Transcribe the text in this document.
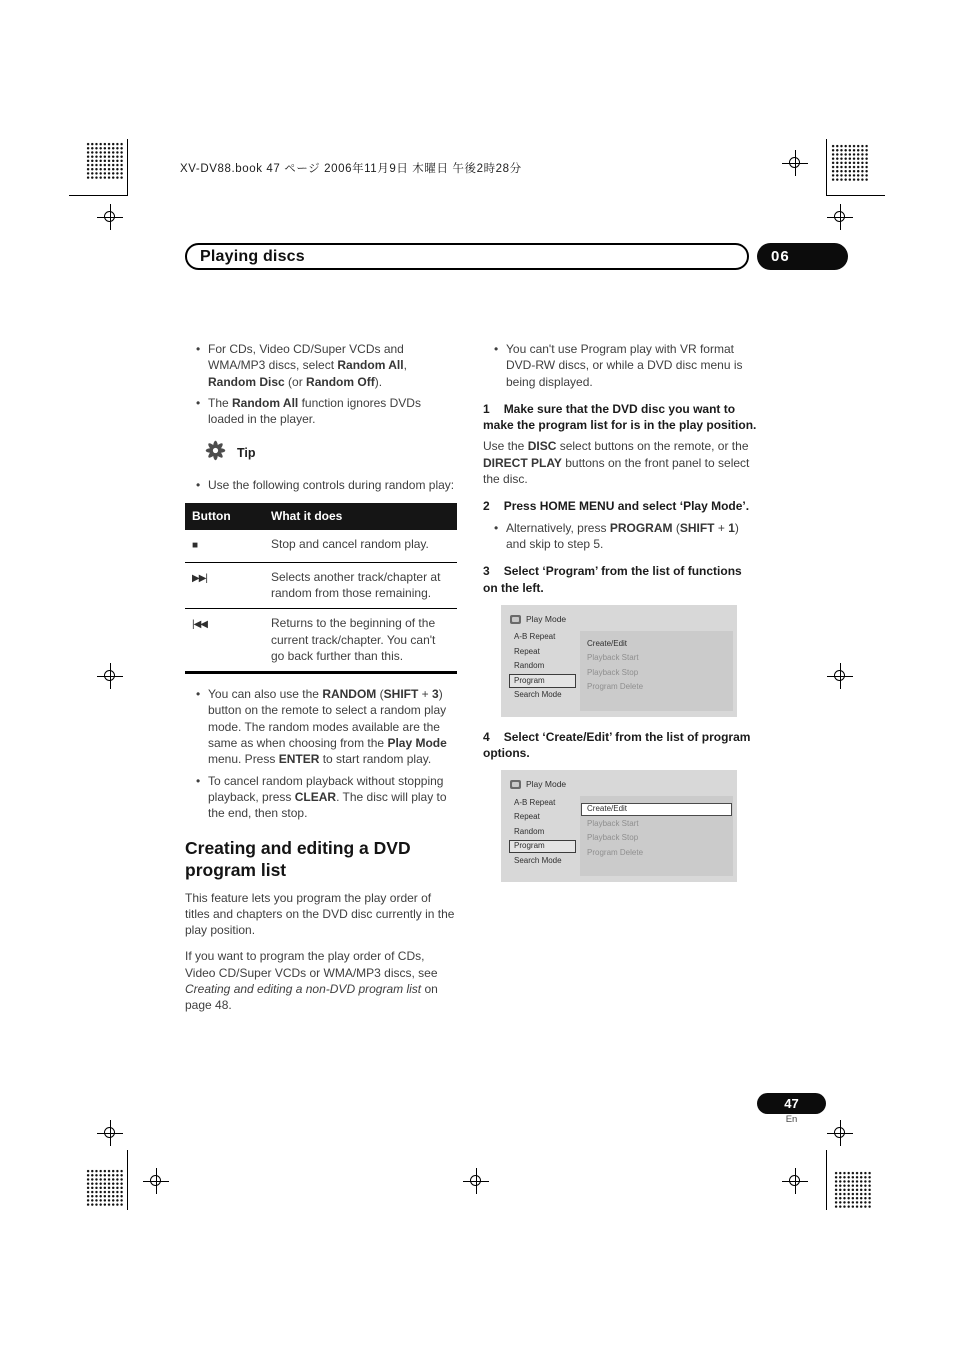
XV-DV88.book 47 ページ 2006年11月9日 木曜日 午後2時28分
Playing discs	06
• For CDs, Video CD/Super VCDs and WMA/MP3 discs, select Random All, Random Disc (or Random Off).
• The Random All function ignores DVDs loaded in the player.
Tip
• Use the following controls during random play:
Button	What it does
■	Stop and cancel random play.
▶▶|	Selects another track/chapter at random from those remaining.
|◀◀	Returns to the beginning of the current track/chapter. You can't go back further than this.
• You can also use the RANDOM (SHIFT + 3) button on the remote to select a random play mode. The random modes available are the same as when choosing from the Play Mode menu. Press ENTER to start random play.
• To cancel random playback without stopping playback, press CLEAR. The disc will play to the end, then stop.
Creating and editing a DVD program list

This feature lets you program the play order of titles and chapters on the DVD disc currently in the play position.

If you want to program the play order of CDs, Video CD/Super VCDs or WMA/MP3 discs, see Creating and editing a non-DVD program list on page 48.

• You can't use Program play with VR format DVD-RW discs, or while a DVD disc menu is being displayed.

1 Make sure that the DVD disc you want to make the program list for is in the play position.

Use the DISC select buttons on the remote, or the DIRECT PLAY buttons on the front panel to select the disc.

2 Press HOME MENU and select ‘Play Mode’.

• Alternatively, press PROGRAM (SHIFT + 1) and skip to step 5.

3 Select ‘Program’ from the list of functions on the left.

Play Mode
A-B Repeat
Repeat
Random
Program
Search Mode
Create/Edit
Playback Start
Playback Stop
Program Delete

4 Select ‘Create/Edit’ from the list of program options.

Play Mode
A-B Repeat
Repeat
Random
Program
Search Mode
Create/Edit
Playback Start
Playback Stop
Program Delete
47
En
